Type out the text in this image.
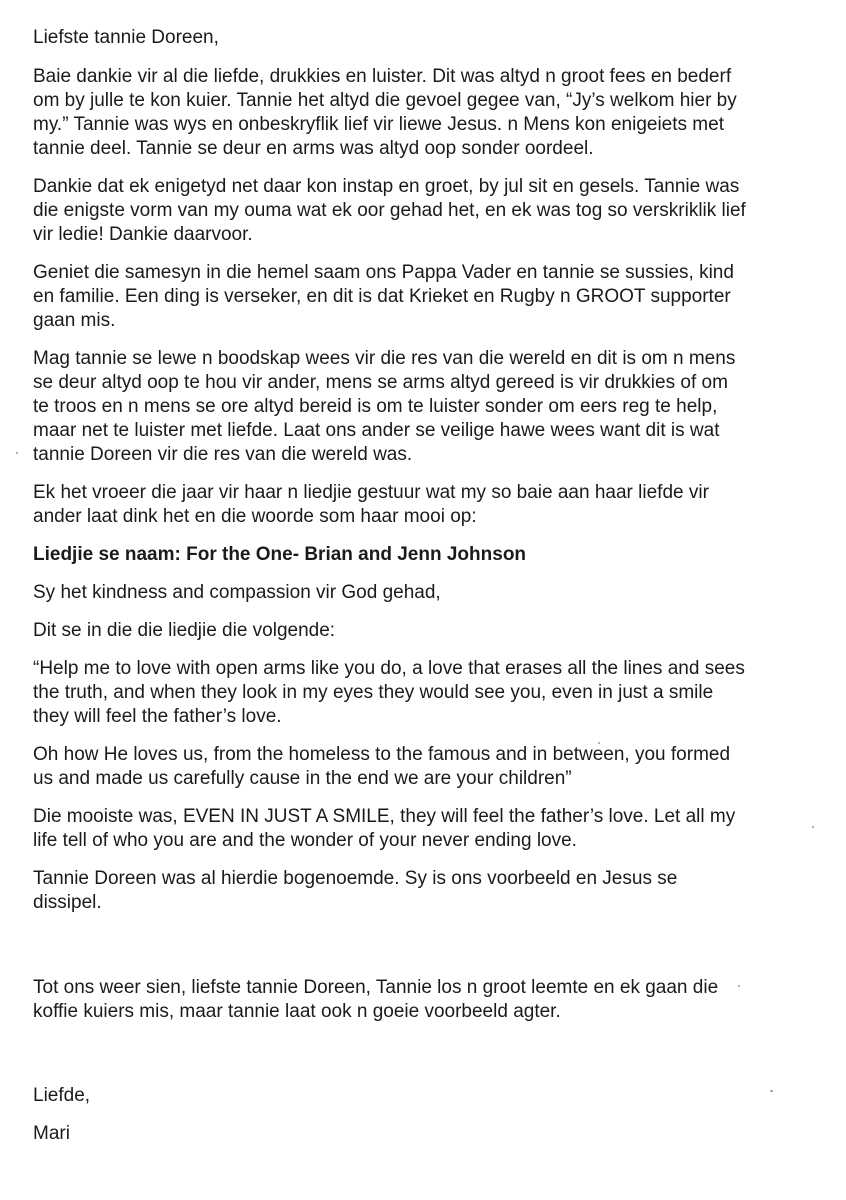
Liefste tannie Doreen,

Baie dankie vir al die liefde, drukkies en luister. Dit was altyd n groot fees en bederf
om by julle te kon kuier. Tannie het altyd die gevoel gegee van, “Jy’s welkom hier by
my.” Tannie was wys en onbeskryflik lief vir liewe Jesus. n Mens kon enigeiets met
tannie deel. Tannie se deur en arms was altyd oop sonder oordeel.

Dankie dat ek enigetyd net daar kon instap en groet, by jul sit en gesels. Tannie was
die enigste vorm van my ouma wat ek oor gehad het, en ek was tog so verskriklik lief
vir ledie! Dankie daarvoor.

Geniet die samesyn in die hemel saam ons Pappa Vader en tannie se sussies, kind
en familie. Een ding is verseker, en dit is dat Krieket en Rugby n GROOT supporter
gaan mis.

Mag tannie se lewe n boodskap wees vir die res van die wereld en dit is om n mens
se deur altyd oop te hou vir ander, mens se arms altyd gereed is vir drukkies of om
te troos en n mens se ore altyd bereid is om te luister sonder om eers reg te help,
maar net te luister met liefde. Laat ons ander se veilige hawe wees want dit is wat
tannie Doreen vir die res van die wereld was.

Ek het vroeer die jaar vir haar n liedjie gestuur wat my so baie aan haar liefde vir
ander laat dink het en die woorde som haar mooi op:

Liedjie se naam: For the One- Brian and Jenn Johnson

Sy het kindness and compassion vir God gehad,

Dit se in die die liedjie die volgende:

“Help me to love with open arms like you do, a love that erases all the lines and sees
the truth, and when they look in my eyes they would see you, even in just a smile
they will feel the father’s love.

Oh how He loves us, from the homeless to the famous and in between, you formed
us and made us carefully cause in the end we are your children”

Die mooiste was, EVEN IN JUST A SMILE, they will feel the father’s love. Let all my
life tell of who you are and the wonder of your never ending love.

Tannie Doreen was al hierdie bogenoemde. Sy is ons voorbeeld en Jesus se
dissipel.

Tot ons weer sien, liefste tannie Doreen, Tannie los n groot leemte en ek gaan die
koffie kuiers mis, maar tannie laat ook n goeie voorbeeld agter.

Liefde,

Mari
